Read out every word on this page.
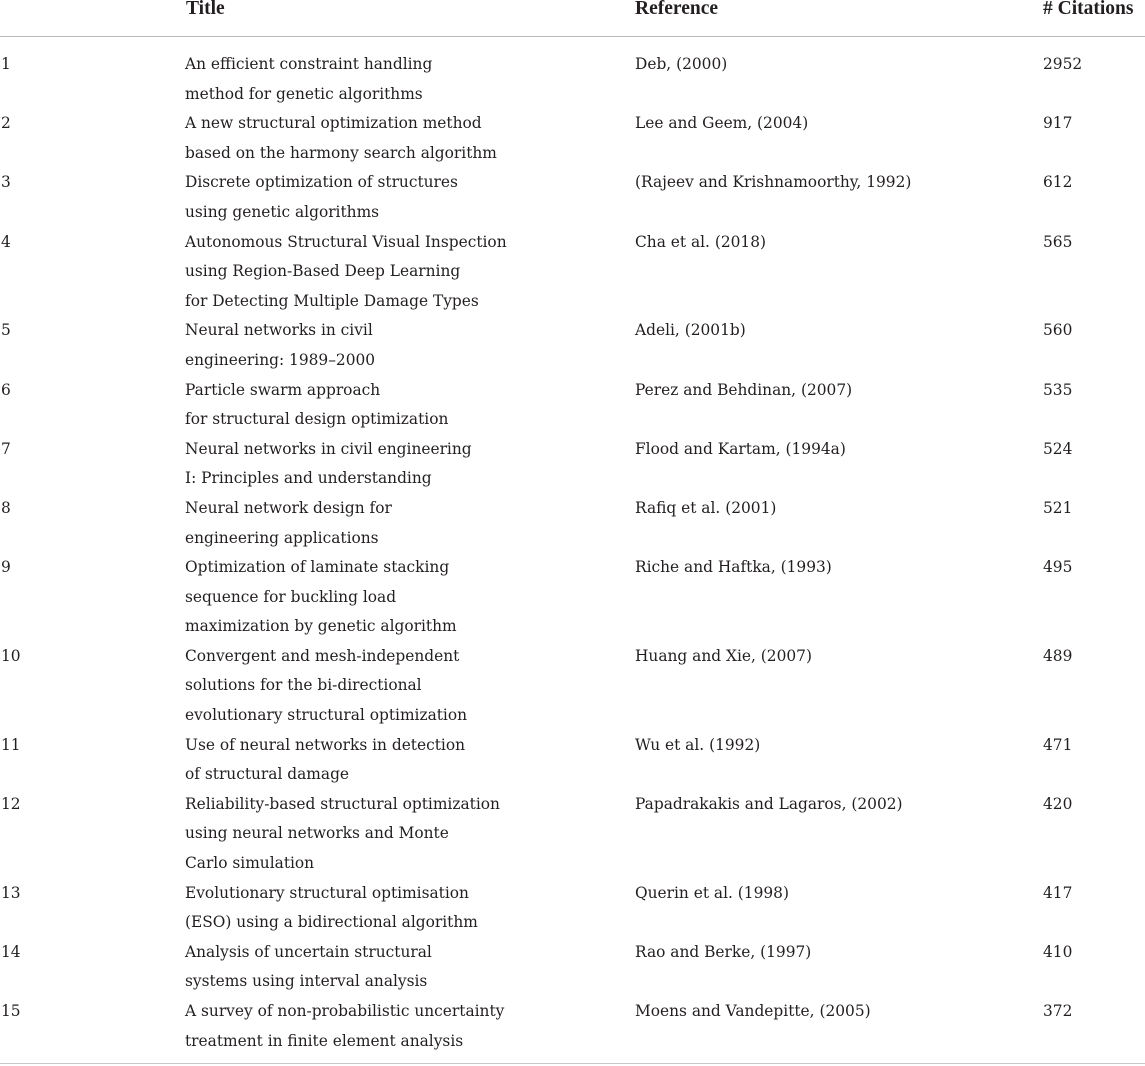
Title	Reference	# Citations
1	An efficient constraint handling
method for genetic algorithms
Deb, (2000)	2952
2	A new structural optimization method
based on the harmony search algorithm
Lee and Geem, (2004)	917
3	Discrete optimization of structures
using genetic algorithms
(Rajeev and Krishnamoorthy, 1992)	612
4	Autonomous Structural Visual Inspection
using Region-Based Deep Learning
for Detecting Multiple Damage Types
Cha et al. (2018)	565
5	Neural networks in civil
engineering: 1989–2000
Adeli, (2001b)	560
6	Particle swarm approach
for structural design optimization
Perez and Behdinan, (2007)	535
7	Neural networks in civil engineering
I: Principles and understanding
Flood and Kartam, (1994a)	524
8	Neural network design for
engineering applications
Rafiq et al. (2001)	521
9	Optimization of laminate stacking
sequence for buckling load
maximization by genetic algorithm
Riche and Haftka, (1993)	495
10	Convergent and mesh-independent
solutions for the bi-directional
evolutionary structural optimization
Huang and Xie, (2007)	489
11	Use of neural networks in detection
of structural damage
Wu et al. (1992)	471
12	Reliability-based structural optimization
using neural networks and Monte
Carlo simulation
Papadrakakis and Lagaros, (2002)	420
13	Evolutionary structural optimisation
(ESO) using a bidirectional algorithm
Querin et al. (1998)	417
14	Analysis of uncertain structural
systems using interval analysis
Rao and Berke, (1997)	410
15	A survey of non-probabilistic uncertainty
treatment in finite element analysis
Moens and Vandepitte, (2005)	372
